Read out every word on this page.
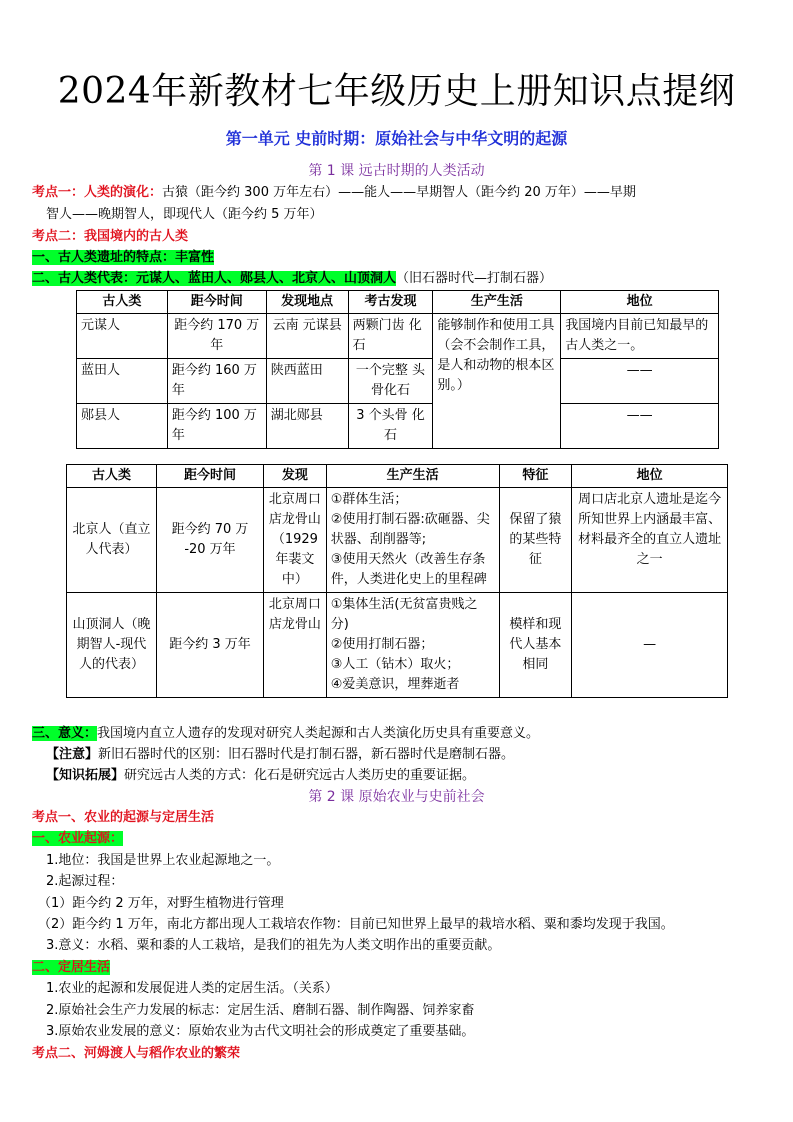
2024年新教材七年级历史上册知识点提纲
第一单元 史前时期：原始社会与中华文明的起源
第 1 课 远古时期的人类活动
考点一：人类的演化：古猿（距今约 300 万年左右）——能人——早期智人（距今约 20 万年）——早期
智人——晚期智人，即现代人（距今约 5 万年）
考点二：我国境内的古人类
一、古人类遗址的特点：丰富性
二、古人类代表：元谋人、蓝田人、郧县人、北京人、山顶洞人（旧石器时代—打制石器）
古人类	距今时间	发现地点	考古发现	生产生活	地位
元谋人	距今约 170 万年	云南 元谋县	两颗门齿 化石	能够制作和使用工具（会不会制作工具，是人和动物的根本区别。）	我国境内目前已知最早的古人类之一。
蓝田人	距今约 160 万年	陕西蓝田	一个完整 头骨化石		——
郧县人	距今约 100 万年	湖北郧县	3 个头骨 化石		——
古人类	距今时间	发现	生产生活	特征	地位
北京人（直立人代表）	距今约 70 万 -20 万年	北京周口店龙骨山（1929年裴文中）	①群体生活；
②使用打制石器:砍砸器、尖状器、刮削器等;
③使用天然火（改善生存条件，人类进化史上的里程碑	保留了猿的某些特征	周口店北京人遗址是迄今所知世界上内涵最丰富、材料最齐全的直立人遗址之一
山顶洞人（晚期智人-现代人的代表）	距今约 3 万年	北京周口店龙骨山	①集体生活(无贫富贵贱之分)
②使用打制石器；
③人工（钻木）取火；
④爱美意识，埋葬逝者	模样和现代人基本相同	—
三、意义：我国境内直立人遗存的发现对研究人类起源和古人类演化历史具有重要意义。
【注意】新旧石器时代的区别：旧石器时代是打制石器，新石器时代是磨制石器。
【知识拓展】研究远古人类的方式：化石是研究远古人类历史的重要证据。
第 2 课 原始农业与史前社会
考点一、农业的起源与定居生活
一、农业起源：
1.地位：我国是世界上农业起源地之一。
2.起源过程：
（1）距今约 2 万年，对野生植物进行管理
（2）距今约 1 万年，南北方都出现人工栽培农作物：目前已知世界上最早的栽培水稻、粟和黍均发现于我国。
3.意义：水稻、粟和黍的人工栽培，是我们的祖先为人类文明作出的重要贡献。
二、定居生活
1.农业的起源和发展促进人类的定居生活。（关系）
2.原始社会生产力发展的标志：定居生活、磨制石器、制作陶器、饲养家畜
3.原始农业发展的意义：原始农业为古代文明社会的形成奠定了重要基础。
考点二、河姆渡人与稻作农业的繁荣
